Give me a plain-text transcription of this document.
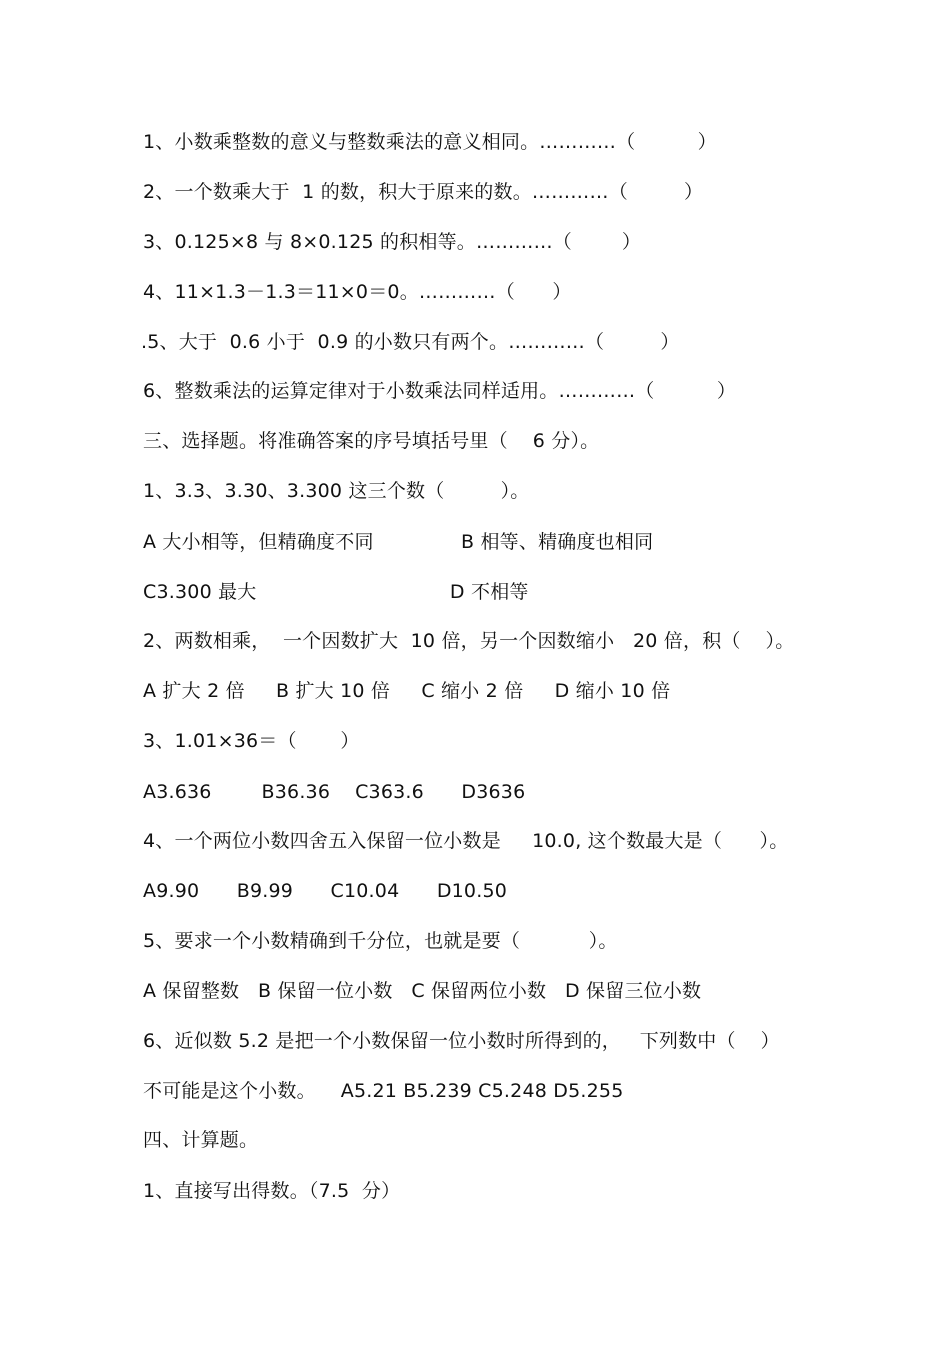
1、小数乘整数的意义与整数乘法的意义相同。…………（          ）
2、一个数乘大于  1 的数，积大于原来的数。…………（         ）
3、0.125×8 与 8×0.125 的积相等。…………（        ）
4、11×1.3－1.3＝11×0＝0。…………（      ）
.5、大于  0.6 小于  0.9 的小数只有两个。…………（         ）
6、整数乘法的运算定律对于小数乘法同样适用。…………（          ）
三、选择题。将准确答案的序号填括号里（    6 分）。
1、3.3、3.30、3.300 这三个数（         ）。
A 大小相等，但精确度不同              B 相等、精确度也相同
C3.300 最大                               D 不相等
2、两数相乘，  一个因数扩大  10 倍，另一个因数缩小   20 倍，积（    ）。
A 扩大 2 倍     B 扩大 10 倍     C 缩小 2 倍     D 缩小 10 倍
3、1.01×36＝（       ）
A3.636        B36.36    C363.6      D3636
4、一个两位小数四舍五入保留一位小数是     10.0, 这个数最大是（      ）。
A9.90      B9.99      C10.04      D10.50
5、要求一个小数精确到千分位，也就是要（           ）。
A 保留整数   B 保留一位小数   C 保留两位小数   D 保留三位小数
6、近似数 5.2 是把一个小数保留一位小数时所得到的，   下列数中（    ）
不可能是这个小数。    A5.21 B5.239 C5.248 D5.255
四、计算题。
1、直接写出得数。（7.5  分）
